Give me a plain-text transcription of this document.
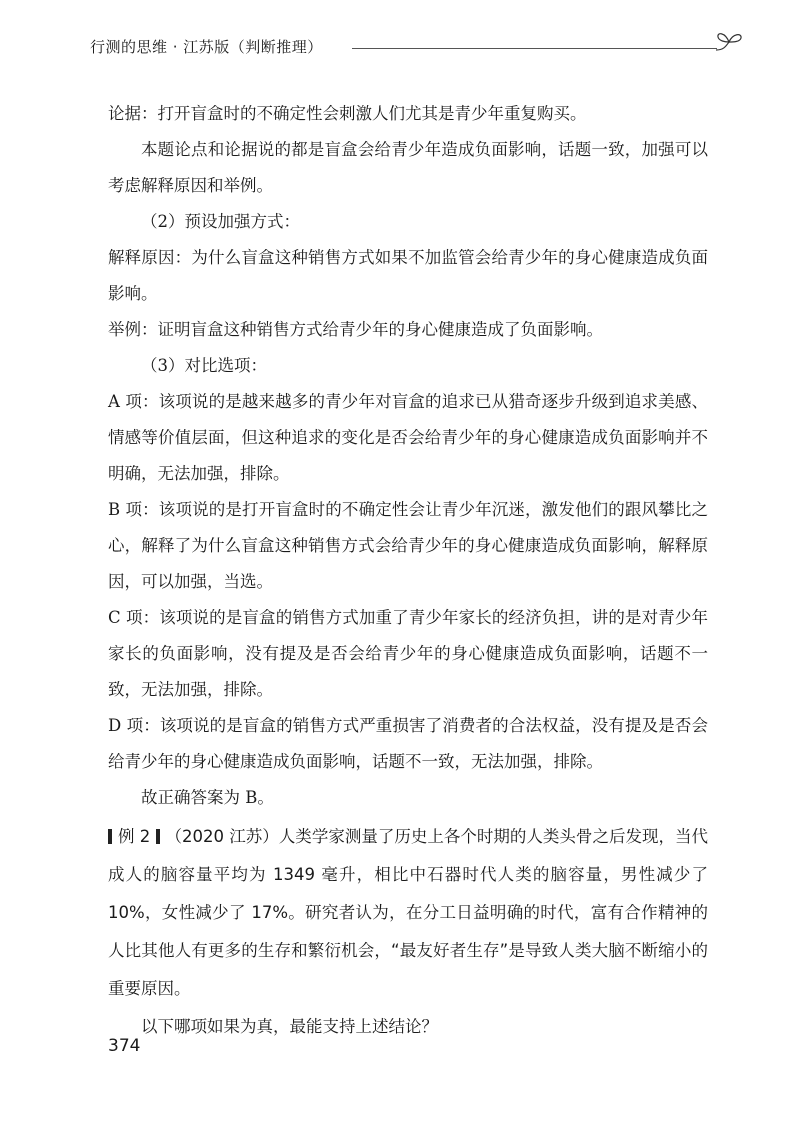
行测的思维 · 江苏版（判断推理）

论据：打开盲盒时的不确定性会刺激人们尤其是青少年重复购买。

本题论点和论据说的都是盲盒会给青少年造成负面影响，话题一致，加强可以考虑解释原因和举例。

（2）预设加强方式：

解释原因：为什么盲盒这种销售方式如果不加监管会给青少年的身心健康造成负面影响。

举例：证明盲盒这种销售方式给青少年的身心健康造成了负面影响。

（3）对比选项：

A 项：该项说的是越来越多的青少年对盲盒的追求已从猎奇逐步升级到追求美感、情感等价值层面，但这种追求的变化是否会给青少年的身心健康造成负面影响并不明确，无法加强，排除。

B 项：该项说的是打开盲盒时的不确定性会让青少年沉迷，激发他们的跟风攀比之心，解释了为什么盲盒这种销售方式会给青少年的身心健康造成负面影响，解释原因，可以加强，当选。

C 项：该项说的是盲盒的销售方式加重了青少年家长的经济负担，讲的是对青少年家长的负面影响，没有提及是否会给青少年的身心健康造成负面影响，话题不一致，无法加强，排除。

D 项：该项说的是盲盒的销售方式严重损害了消费者的合法权益，没有提及是否会给青少年的身心健康造成负面影响，话题不一致，无法加强，排除。

故正确答案为 B。

例 2 （2020 江苏）人类学家测量了历史上各个时期的人类头骨之后发现，当代成人的脑容量平均为 1349 毫升，相比中石器时代人类的脑容量，男性减少了 10%，女性减少了 17%。研究者认为，在分工日益明确的时代，富有合作精神的人比其他人有更多的生存和繁衍机会，“最友好者生存”是导致人类大脑不断缩小的重要原因。

以下哪项如果为真，最能支持上述结论？

374
